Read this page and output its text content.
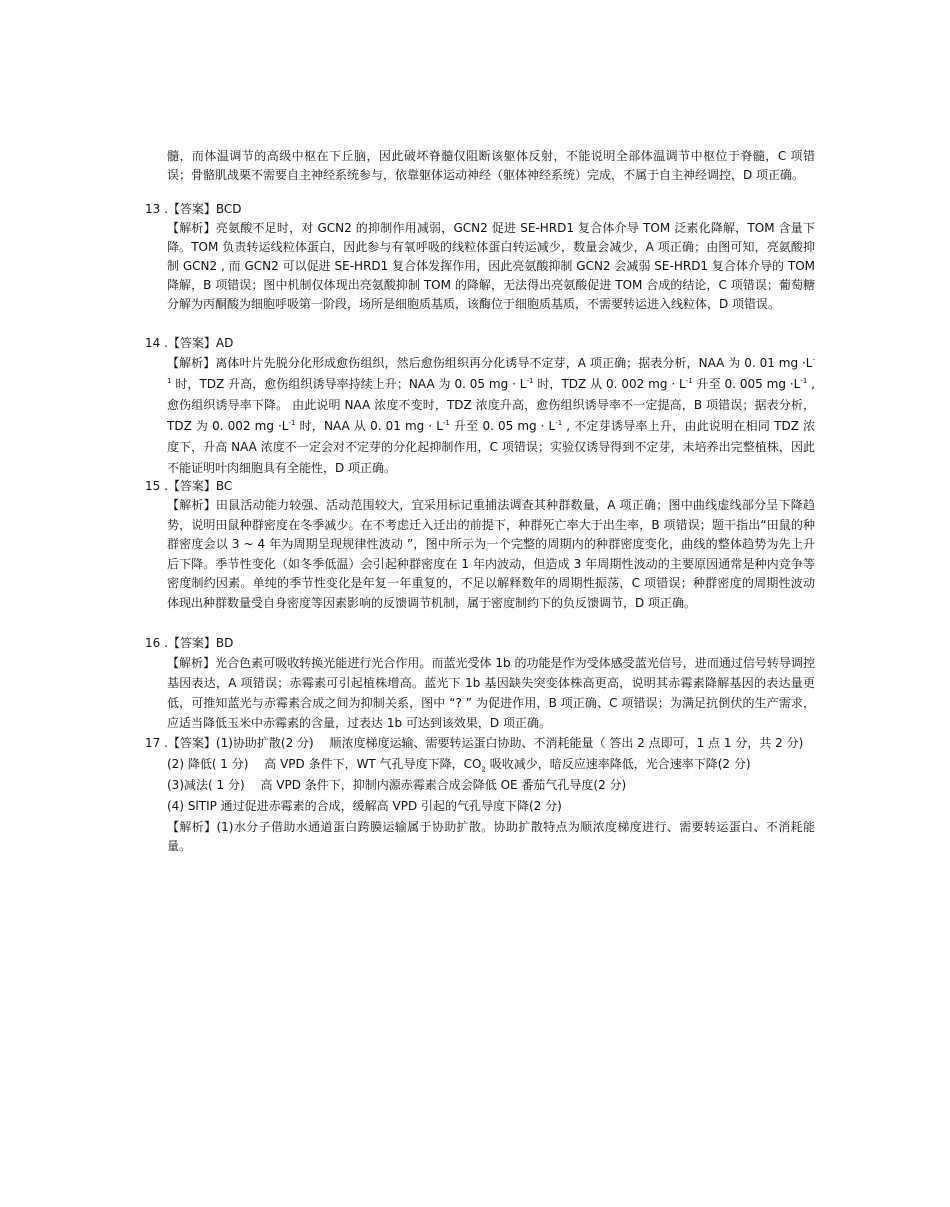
髓，而体温调节的高级中枢在下丘脑，因此破坏脊髓仅阻断该躯体反射，不能说明全部体温调节中枢位于脊髓，C 项错误；骨骼肌战栗不需要自主神经系统参与，依靠躯体运动神经（躯体神经系统）完成，不属于自主神经调控，D 项正确。
13 .【答案】BCD
【解析】亮氨酸不足时，对 GCN2 的抑制作用减弱，GCN2 促进 SE-HRD1 复合体介导 TOM 泛素化降解，TOM 含量下降。TOM 负责转运线粒体蛋白，因此参与有氧呼吸的线粒体蛋白转运减少，数量会减少，A 项正确；由图可知，亮氨酸抑制 GCN2 , 而 GCN2 可以促进 SE-HRD1 复合体发挥作用，因此亮氨酸抑制 GCN2 会减弱 SE-HRD1 复合体介导的 TOM 降解，B 项错误；图中机制仅体现出亮氨酸抑制 TOM 的降解，无法得出亮氨酸促进 TOM 合成的结论，C 项错误；葡萄糖分解为丙酮酸为细胞呼吸第一阶段，场所是细胞质基质，该酶位于细胞质基质，不需要转运进入线粒体，D 项错误。
14 .【答案】AD
【解析】离体叶片先脱分化形成愈伤组织，然后愈伤组织再分化诱导不定芽，A 项正确；据表分析，NAA 为 0. 01 mg $\cdot L^{-1}$ 时，TDZ 升高，愈伤组织诱导率持续上升；NAA 为 0. 05 mg · $L^{-1}$ 时，TDZ 从 0. 002 mg · $L^{-1}$ 升至 0. 005 mg $\cdot L^{-1}$ , 愈伤组织诱导率下降。 由此说明 NAA 浓度不变时，TDZ 浓度升高，愈伤组织诱导率不一定提高，B 项错误；据表分析，TDZ 为 0. 002 mg $\cdot L^{-1}$ 时，NAA 从 0. 01 mg · $L^{-1}$ 升至 0. 05 mg · $L^{-1}$ , 不定芽诱导率上升，由此说明在相同 TDZ 浓度下，升高 NAA 浓度不一定会对不定芽的分化起抑制作用，C 项错误；实验仅诱导得到不定芽，未培养出完整植株，因此不能证明叶肉细胞具有全能性，D 项正确。
15 .【答案】BC
【解析】田鼠活动能力较强、活动范围较大，宜采用标记重捕法调查其种群数量，A 项正确；图中曲线虚线部分呈下降趋势，说明田鼠种群密度在冬季减少。在不考虑迁入迁出的前提下，种群死亡率大于出生率，B 项错误；题干指出“田鼠的种群密度会以 3 ~ 4 年为周期呈现规律性波动 ”，图中所示为一个完整的周期内的种群密度变化，曲线的整体趋势为先上升后下降。季节性变化（如冬季低温）会引起种群密度在 1 年内波动，但造成 3 年周期性波动的主要原因通常是种内竞争等密度制约因素。单纯的季节性变化是年复一年重复的，不足以解释数年的周期性振荡，C 项错误；种群密度的周期性波动体现出种群数量受自身密度等因素影响的反馈调节机制，属于密度制约下的负反馈调节，D 项正确。
16 .【答案】BD
【解析】光合色素可吸收转换光能进行光合作用。而蓝光受体 1b 的功能是作为受体感受蓝光信号，进而通过信号转导调控基因表达，A 项错误；赤霉素可引起植株增高。蓝光下 1b 基因缺失突变体株高更高，说明其赤霉素降解基因的表达量更低，可推知蓝光与赤霉素合成之间为抑制关系，图中 “? ” 为促进作用，B 项正确、C 项错误；为满足抗倒伏的生产需求，应适当降低玉米中赤霉素的含量，过表达 1b 可达到该效果，D 项正确。
17 .【答案】(1)协助扩散(2 分)　 顺浓度梯度运输、需要转运蛋白协助、不消耗能量（ 答出 2 点即可，1 点 1 分，共 2 分)
(2) 降低( 1 分)　 高 VPD 条件下，WT 气孔导度下降，$CO_2$ 吸收减少，暗反应速率降低，光合速率下降(2 分)
(3)减法( 1 分)　 高 VPD 条件下，抑制内源赤霉素合成会降低 OE 番茄气孔导度(2 分)
(4) SlTIP 通过促进赤霉素的合成，缓解高 VPD 引起的气孔导度下降(2 分)
【解析】(1)水分子借助水通道蛋白跨膜运输属于协助扩散。协助扩散特点为顺浓度梯度进行、需要转运蛋白、不消耗能量。
